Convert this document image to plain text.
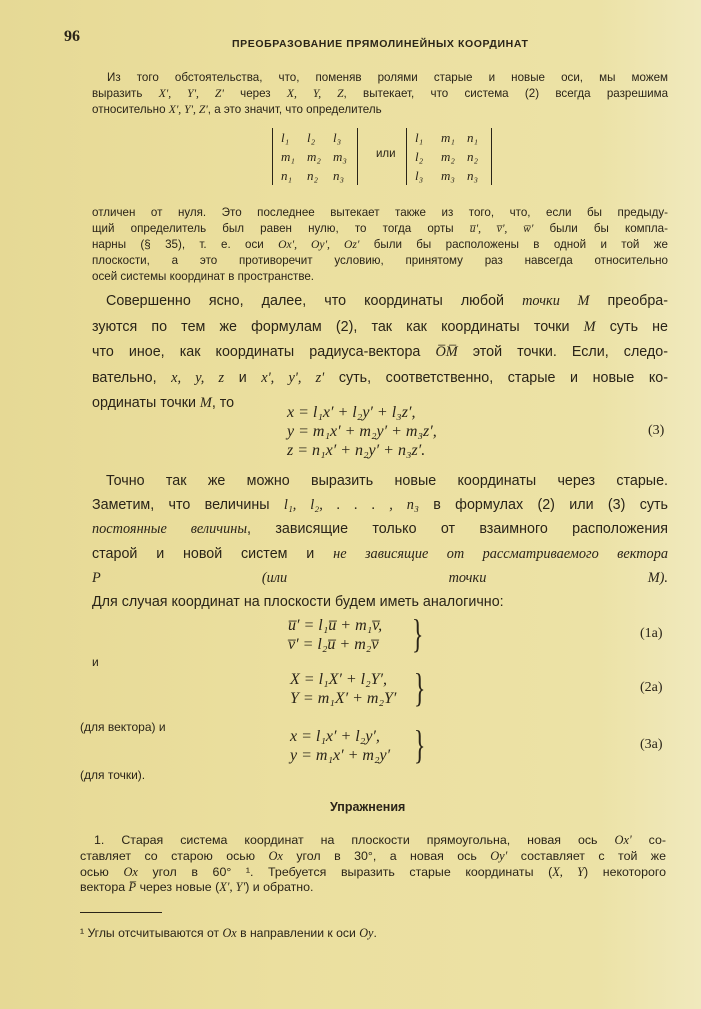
96	ПРЕОБРАЗОВАНИЕ ПРЯМОЛИНЕЙНЫХ КООРДИНАТ
Из того обстоятельства, что, поменяв ролями старые и новые оси, мы можем
выразить X', Y', Z' через X, Y, Z, вытекает, что система (2) всегда разрешима
относительно X', Y', Z', а это значит, что определитель
l₁	l₂	l₃
m₁ m₂ m₃
n₁	n₂	n₃
или
l₁	m₁ n₁
l₂	m₂ n₂
l₃	m₃ n₃
отличен от нуля. Это последнее вытекает также из того, что, если бы предыду-
щий определитель был равен нулю, то тогда орты u̅', v̅', w̅' были бы компла-
нарны (§ 35), т. е. оси Ox', Oy', Oz' были бы расположены в одной и той же
плоскости, а это противоречит условию, принятому раз навсегда относительно
осей системы координат в пространстве.
Совершенно ясно, далее, что координаты любой точки M преобра-
зуются по тем же формулам (2), так как координаты точки M суть не
что иное, как координаты радиуса-вектора O̅M̅ этой точки. Если, следо-
вательно, x, y, z и x', y', z' суть, соответственно, старые и новые ко-
ординаты точки M, то
x = l₁x′ + l₂y′ + l₃z′,
y = m₁x′ + m₂y′ + m₃z′,
z = n₁x′ + n₂y′ + n₃z′.
(3)
Точно так же можно выразить новые координаты через старые.
Заметим, что величины l₁, l₂, . . . , n₃ в формулах (2) или (3) суть
постоянные величины, зависящие только от взаимного расположения
старой и новой систем и не зависящие от рассматриваемого вектора
P (или точки M).
Для случая координат на плоскости будем иметь аналогично:
u̅′ = l₁u̅ + m₁v̅,
v̅′ = l₂u̅ + m₂v̅ }	(1a)
и
X = l₁X′ + l₂Y′,
Y = m₁X′ + m₂Y′ }	(2a)
(для вектора) и
x = l₁x′ + l₂y′,
y = m₁x′ + m₂y′ }	(3a)
(для точки).
Упражнения
1. Старая система координат на плоскости прямоугольна, новая ось Ox' со-
ставляет со старою осью Ox угол в 30°, а новая ось Oy' составляет с той же
осью Ox угол в 60° ¹. Требуется выразить старые координаты (X, Y) некоторого
вектора P̅ через новые (X', Y') и обратно.
¹ Углы отсчитываются от Ox в направлении к оси Oy.
